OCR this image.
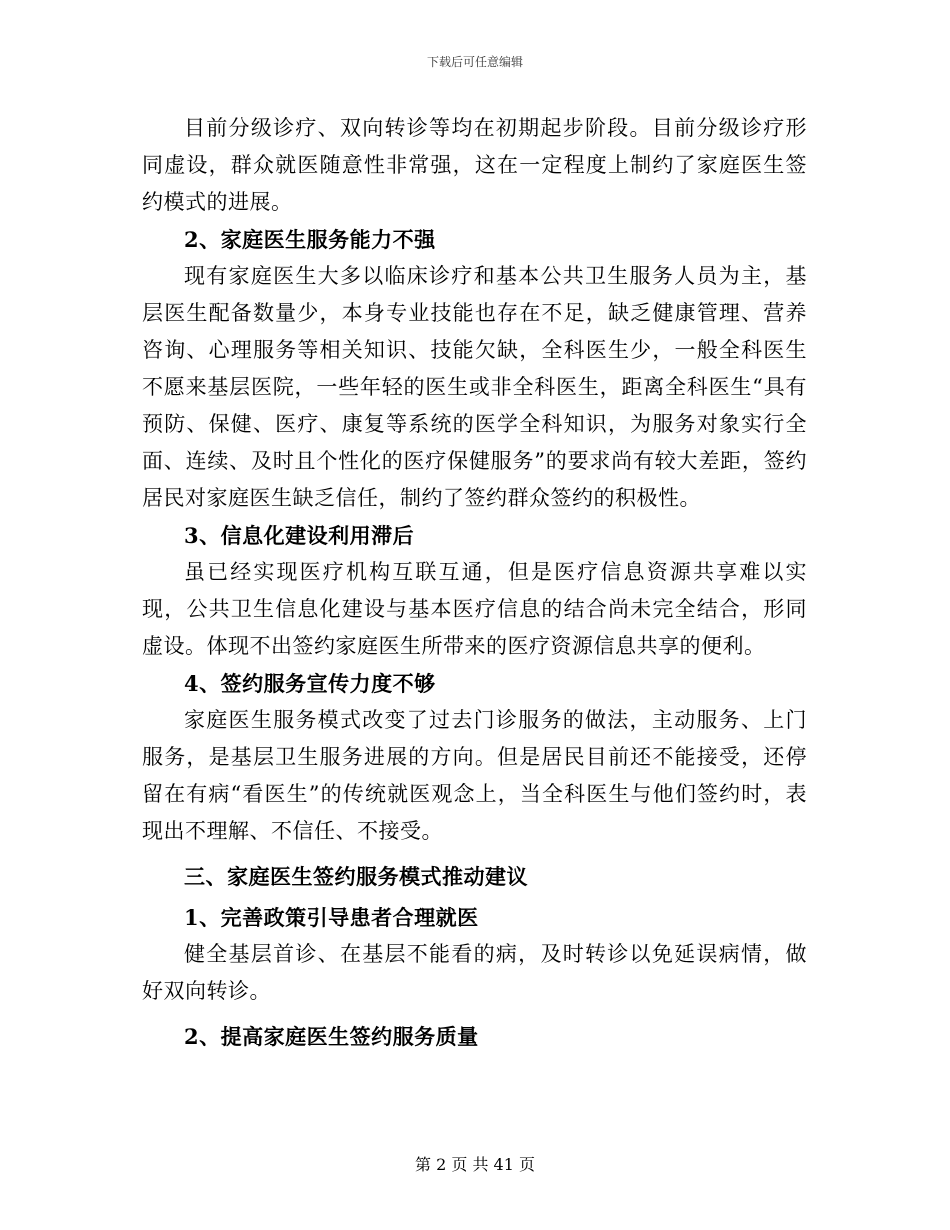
下载后可任意编辑

目前分级诊疗、双向转诊等均在初期起步阶段。目前分级诊疗形同虚设，群众就医随意性非常强，这在一定程度上制约了家庭医生签约模式的进展。

2、家庭医生服务能力不强

现有家庭医生大多以临床诊疗和基本公共卫生服务人员为主，基层医生配备数量少，本身专业技能也存在不足，缺乏健康管理、营养咨询、心理服务等相关知识、技能欠缺，全科医生少，一般全科医生不愿来基层医院，一些年轻的医生或非全科医生，距离全科医生“具有预防、保健、医疗、康复等系统的医学全科知识，为服务对象实行全面、连续、及时且个性化的医疗保健服务”的要求尚有较大差距，签约居民对家庭医生缺乏信任，制约了签约群众签约的积极性。

3、信息化建设利用滞后

虽已经实现医疗机构互联互通，但是医疗信息资源共享难以实现，公共卫生信息化建设与基本医疗信息的结合尚未完全结合，形同虚设。体现不出签约家庭医生所带来的医疗资源信息共享的便利。

4、签约服务宣传力度不够

家庭医生服务模式改变了过去门诊服务的做法，主动服务、上门服务，是基层卫生服务进展的方向。但是居民目前还不能接受，还停留在有病“看医生”的传统就医观念上，当全科医生与他们签约时，表现出不理解、不信任、不接受。

三、家庭医生签约服务模式推动建议

1、完善政策引导患者合理就医

健全基层首诊、在基层不能看的病，及时转诊以免延误病情，做好双向转诊。

2、提高家庭医生签约服务质量

第 2 页 共 41 页
